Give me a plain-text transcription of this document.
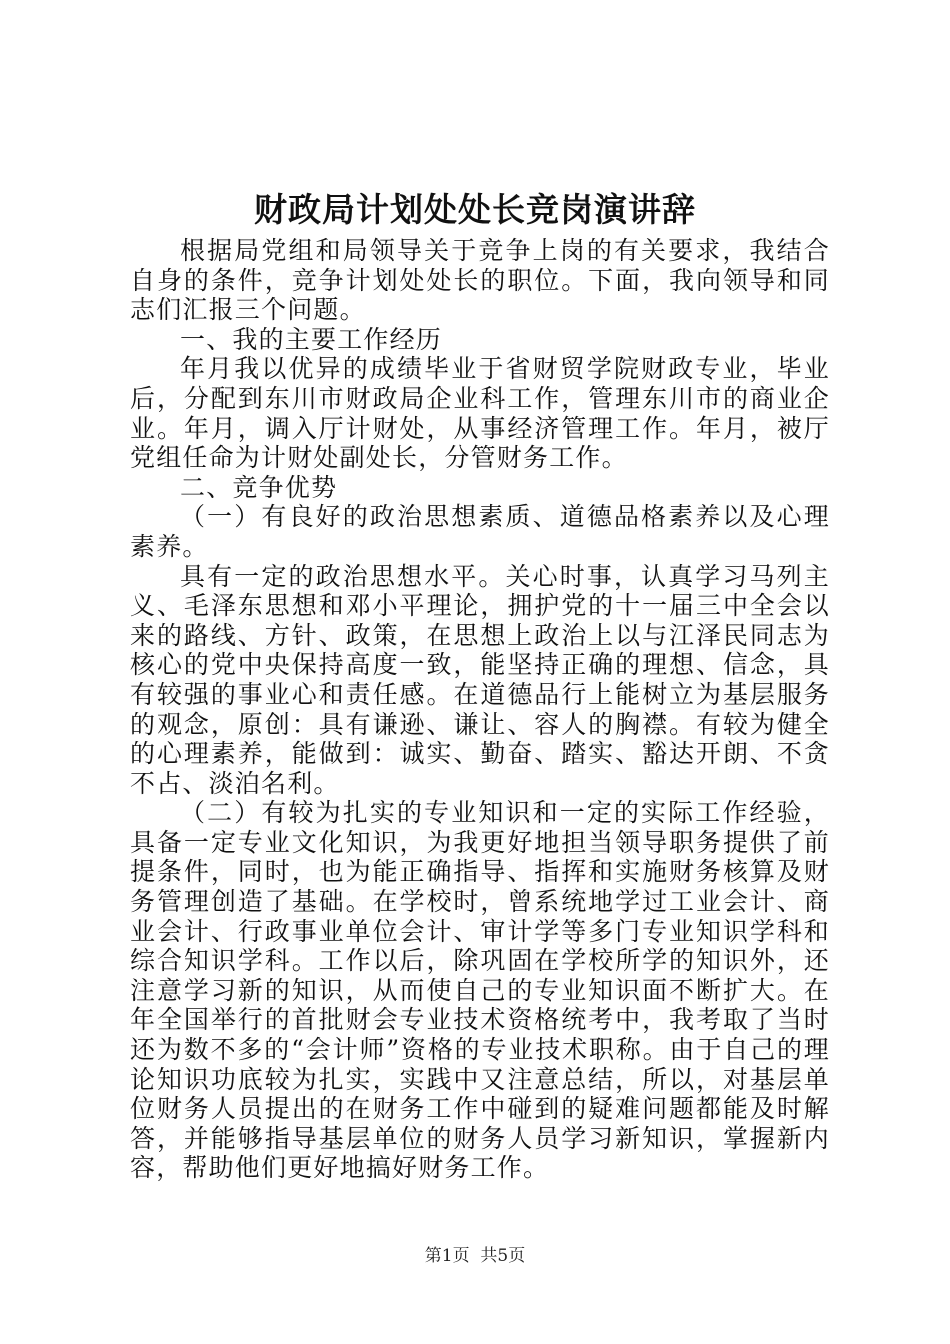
财政局计划处处长竞岗演讲辞

根据局党组和局领导关于竞争上岗的有关要求，我结合自身的条件，竞争计划处处长的职位。下面，我向领导和同志们汇报三个问题。

一、我的主要工作经历

年月我以优异的成绩毕业于省财贸学院财政专业，毕业后，分配到东川市财政局企业科工作，管理东川市的商业企业。年月，调入厅计财处，从事经济管理工作。年月，被厅党组任命为计财处副处长，分管财务工作。

二、竞争优势

（一）有良好的政治思想素质、道德品格素养以及心理素养。

具有一定的政治思想水平。关心时事，认真学习马列主义、毛泽东思想和邓小平理论，拥护党的十一届三中全会以来的路线、方针、政策，在思想上政治上以与江泽民同志为核心的党中央保持高度一致，能坚持正确的理想、信念，具有较强的事业心和责任感。在道德品行上能树立为基层服务的观念，原创：具有谦逊、谦让、容人的胸襟。有较为健全的心理素养，能做到：诚实、勤奋、踏实、豁达开朗、不贪不占、淡泊名利。

（二）有较为扎实的专业知识和一定的实际工作经验，具备一定专业文化知识，为我更好地担当领导职务提供了前提条件，同时，也为能正确指导、指挥和实施财务核算及财务管理创造了基础。在学校时，曾系统地学过工业会计、商业会计、行政事业单位会计、审计学等多门专业知识学科和综合知识学科。工作以后，除巩固在学校所学的知识外，还注意学习新的知识，从而使自己的专业知识面不断扩大。在年全国举行的首批财会专业技术资格统考中，我考取了当时还为数不多的“会计师”资格的专业技术职称。由于自己的理论知识功底较为扎实，实践中又注意总结，所以，对基层单位财务人员提出的在财务工作中碰到的疑难问题都能及时解答，并能够指导基层单位的财务人员学习新知识，掌握新内容，帮助他们更好地搞好财务工作。

第1页 共5页
